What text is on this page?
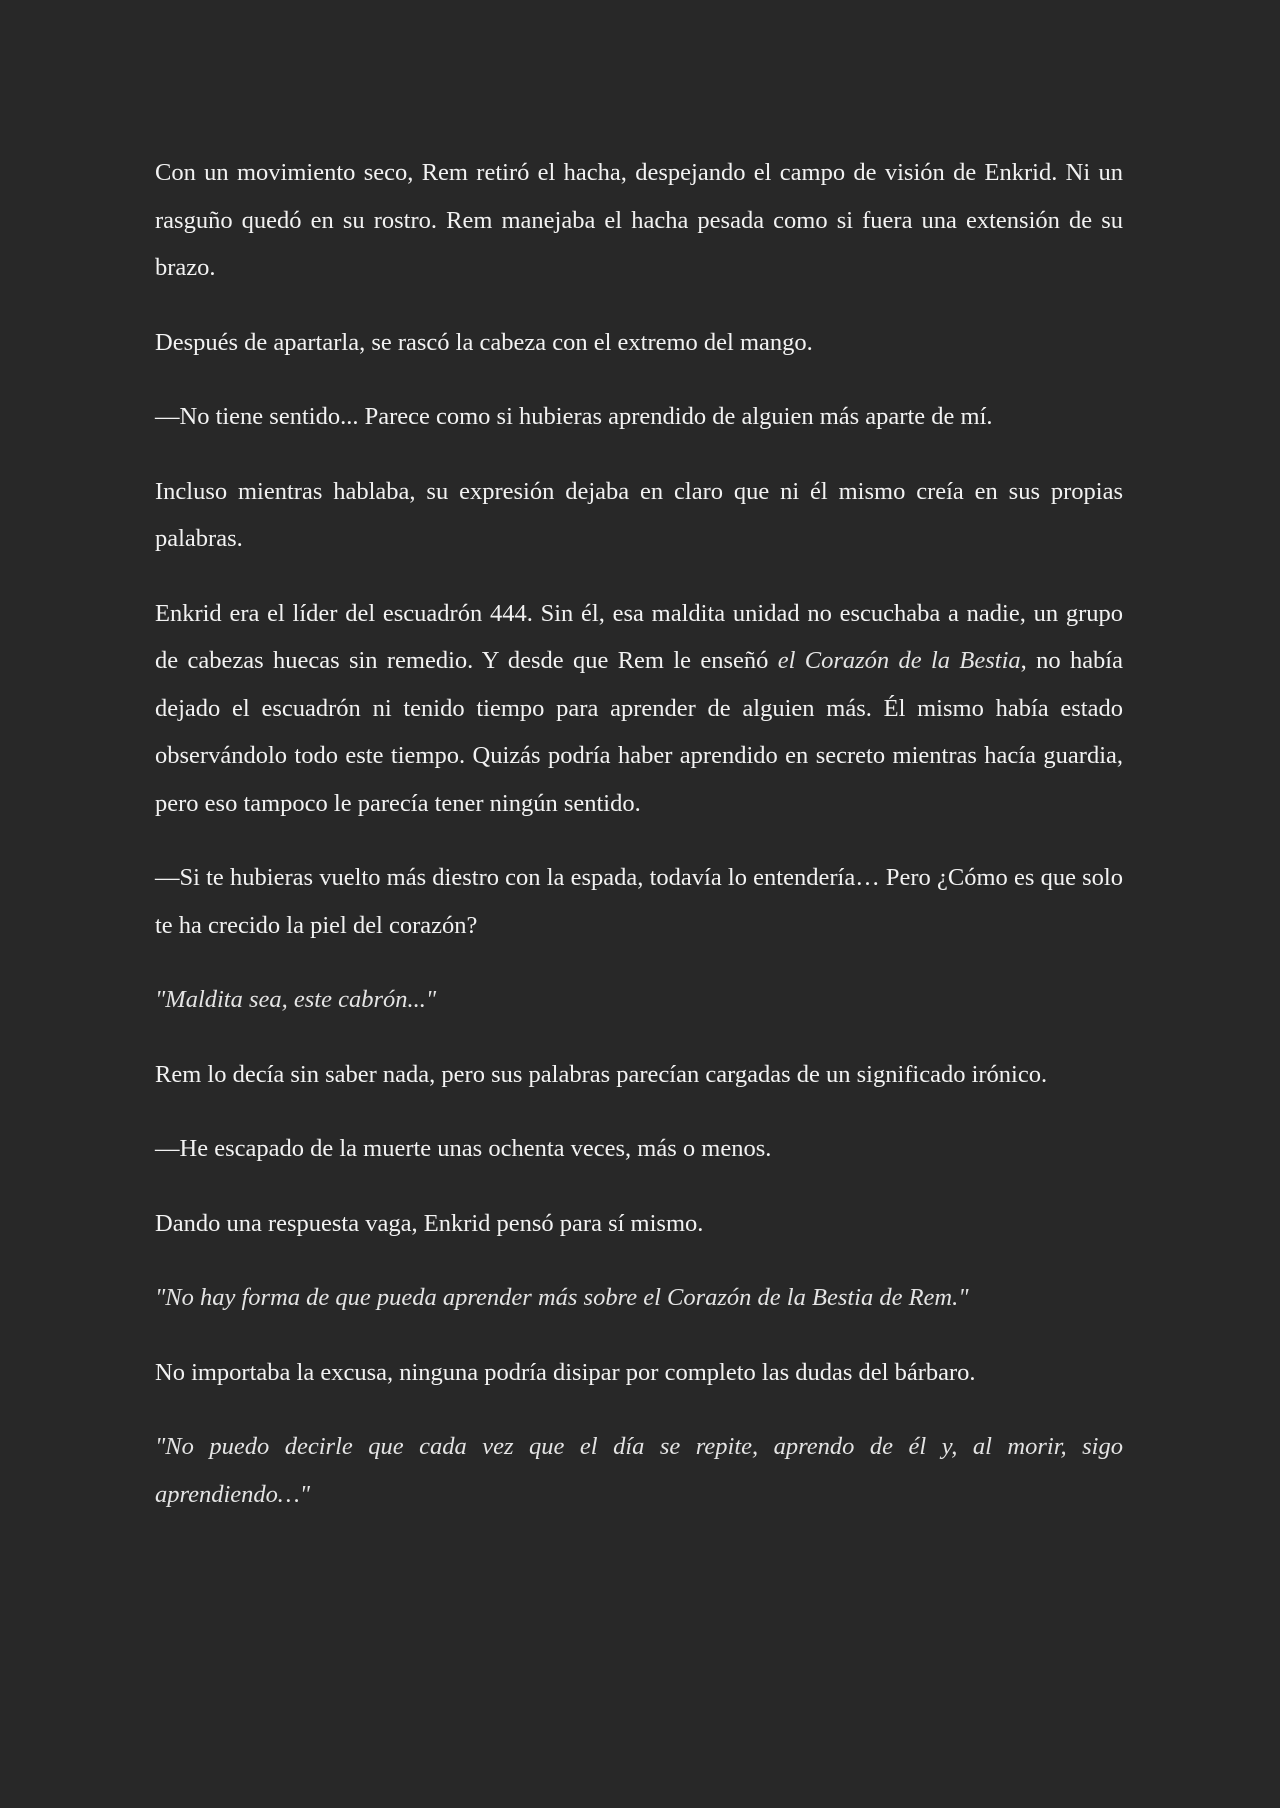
Con un movimiento seco, Rem retiró el hacha, despejando el campo de visión de Enkrid. Ni un rasguño quedó en su rostro. Rem manejaba el hacha pesada como si fuera una extensión de su brazo.

Después de apartarla, se rascó la cabeza con el extremo del mango.

—No tiene sentido... Parece como si hubieras aprendido de alguien más aparte de mí.

Incluso mientras hablaba, su expresión dejaba en claro que ni él mismo creía en sus propias palabras.

Enkrid era el líder del escuadrón 444. Sin él, esa maldita unidad no escuchaba a nadie, un grupo de cabezas huecas sin remedio. Y desde que Rem le enseñó el Corazón de la Bestia, no había dejado el escuadrón ni tenido tiempo para aprender de alguien más. Él mismo había estado observándolo todo este tiempo. Quizás podría haber aprendido en secreto mientras hacía guardia, pero eso tampoco le parecía tener ningún sentido.

—Si te hubieras vuelto más diestro con la espada, todavía lo entendería… Pero ¿Cómo es que solo te ha crecido la piel del corazón?

"Maldita sea, este cabrón..."

Rem lo decía sin saber nada, pero sus palabras parecían cargadas de un significado irónico.

—He escapado de la muerte unas ochenta veces, más o menos.

Dando una respuesta vaga, Enkrid pensó para sí mismo.

"No hay forma de que pueda aprender más sobre el Corazón de la Bestia de Rem."

No importaba la excusa, ninguna podría disipar por completo las dudas del bárbaro.

"No puedo decirle que cada vez que el día se repite, aprendo de él y, al morir, sigo aprendiendo…"
